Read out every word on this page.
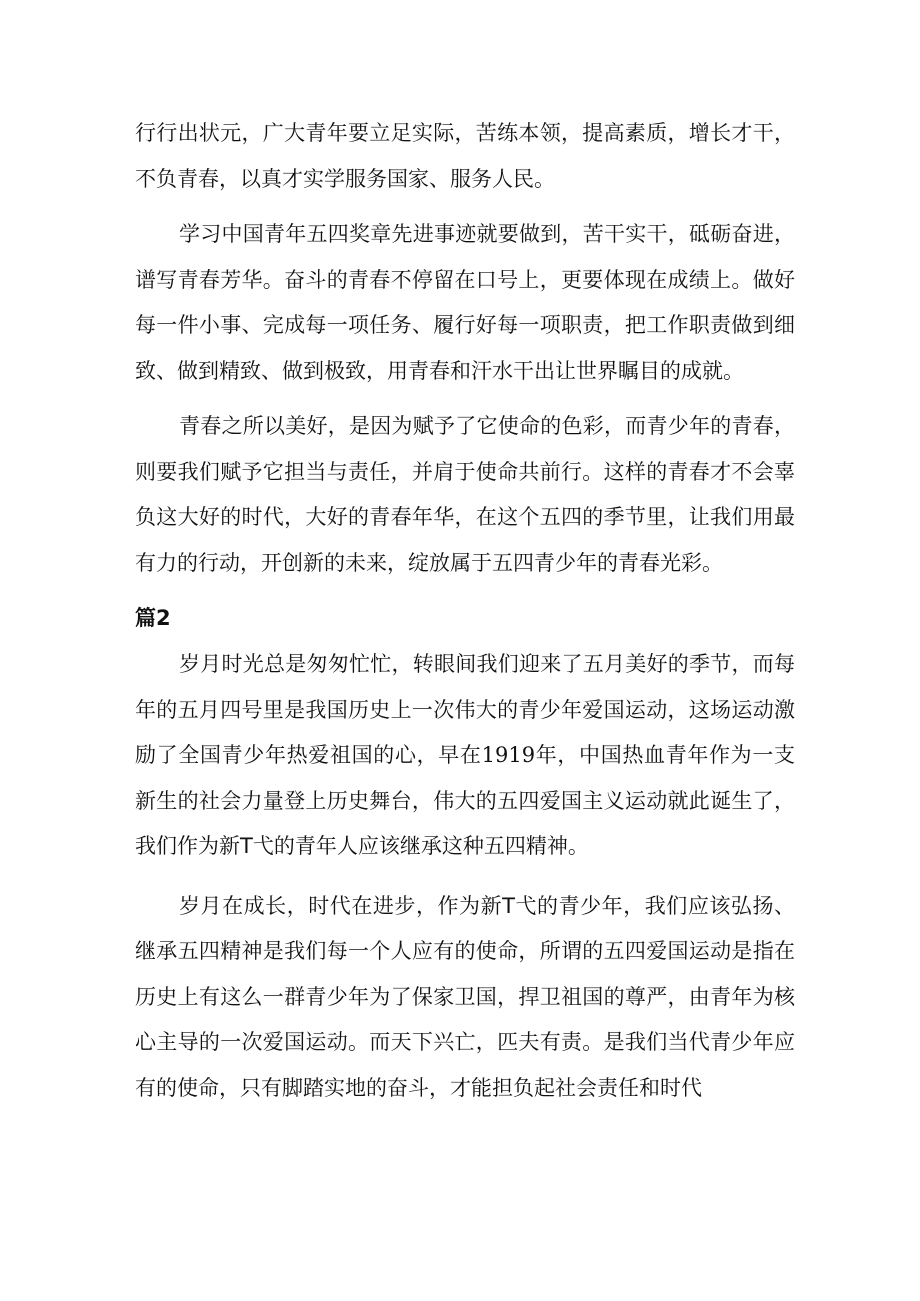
行行出状元，广大青年要立足实际，苦练本领，提高素质，增长才干，不负青春，以真才实学服务国家、服务人民。

学习中国青年五四奖章先进事迹就要做到，苦干实干，砥砺奋进，谱写青春芳华。奋斗的青春不停留在口号上，更要体现在成绩上。做好每一件小事、完成每一项任务、履行好每一项职责，把工作职责做到细致、做到精致、做到极致，用青春和汗水干出让世界瞩目的成就。

青春之所以美好，是因为赋予了它使命的色彩，而青少年的青春，则要我们赋予它担当与责任，并肩于使命共前行。这样的青春才不会辜负这大好的时代，大好的青春年华，在这个五四的季节里，让我们用最有力的行动，开创新的未来，绽放属于五四青少年的青春光彩。

篇2

岁月时光总是匆匆忙忙，转眼间我们迎来了五月美好的季节，而每年的五月四号里是我国历史上一次伟大的青少年爱国运动，这场运动激励了全国青少年热爱祖国的心，早在1919年，中国热血青年作为一支新生的社会力量登上历史舞台，伟大的五四爱国主义运动就此诞生了，我们作为新T弋的青年人应该继承这种五四精神。

岁月在成长，时代在进步，作为新T弋的青少年，我们应该弘扬、继承五四精神是我们每一个人应有的使命，所谓的五四爱国运动是指在历史上有这么一群青少年为了保家卫国，捍卫祖国的尊严，由青年为核心主导的一次爱国运动。而天下兴亡，匹夫有责。是我们当代青少年应有的使命，只有脚踏实地的奋斗，才能担负起社会责任和时代
